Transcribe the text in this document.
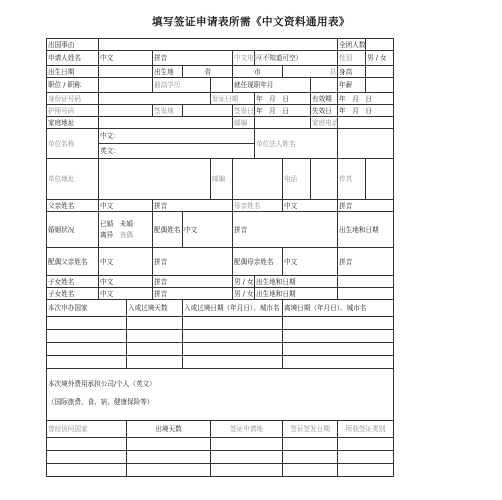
填写签证申请表所需《中文资料通用表》
出国事由										全团人数	
申请人姓名	中文		拼音			中文电码	（不知道可空）			性别	男 / 女
出生日期			出生地	省		市		县		身高	
职位 / 职称			最高学历			就任现职年月				年薪	
身份证号码					发证日期		年　月　日		有效期	年　月　日	
护照号码			签发地			签发日	年　月　日		失效日	年　月　日	
家庭地址						邮编			家庭电话		
单位名称	中文：						单位法人姓名				
	英文：										
单位地址					邮编			电话		传真	
父亲姓名	中文		拼音			母亲姓名		中文		拼音	
婚姻状况	已婚　 未婚
离异　 丧偶		配偶姓名	中文		拼音				出生地和日期	
配偶父亲姓名	中文		拼音			配偶母亲姓名		中文		拼音	
子女姓名	中文		拼音			男 / 女	出生地和日期				
子女姓名	中文		拼音			男 / 女	出生地和日期				
本次申办国家		入或过境天数		入或过境日期（年月日）、城市名				离境日期（年月日）、城市名			

本次境外费用承担公司/个人（英文）
（国际旅费、食、宿、健康保险等）											
曾经访问国家		出境天数			签证申请地			签证签发日期		所获签证类别	
